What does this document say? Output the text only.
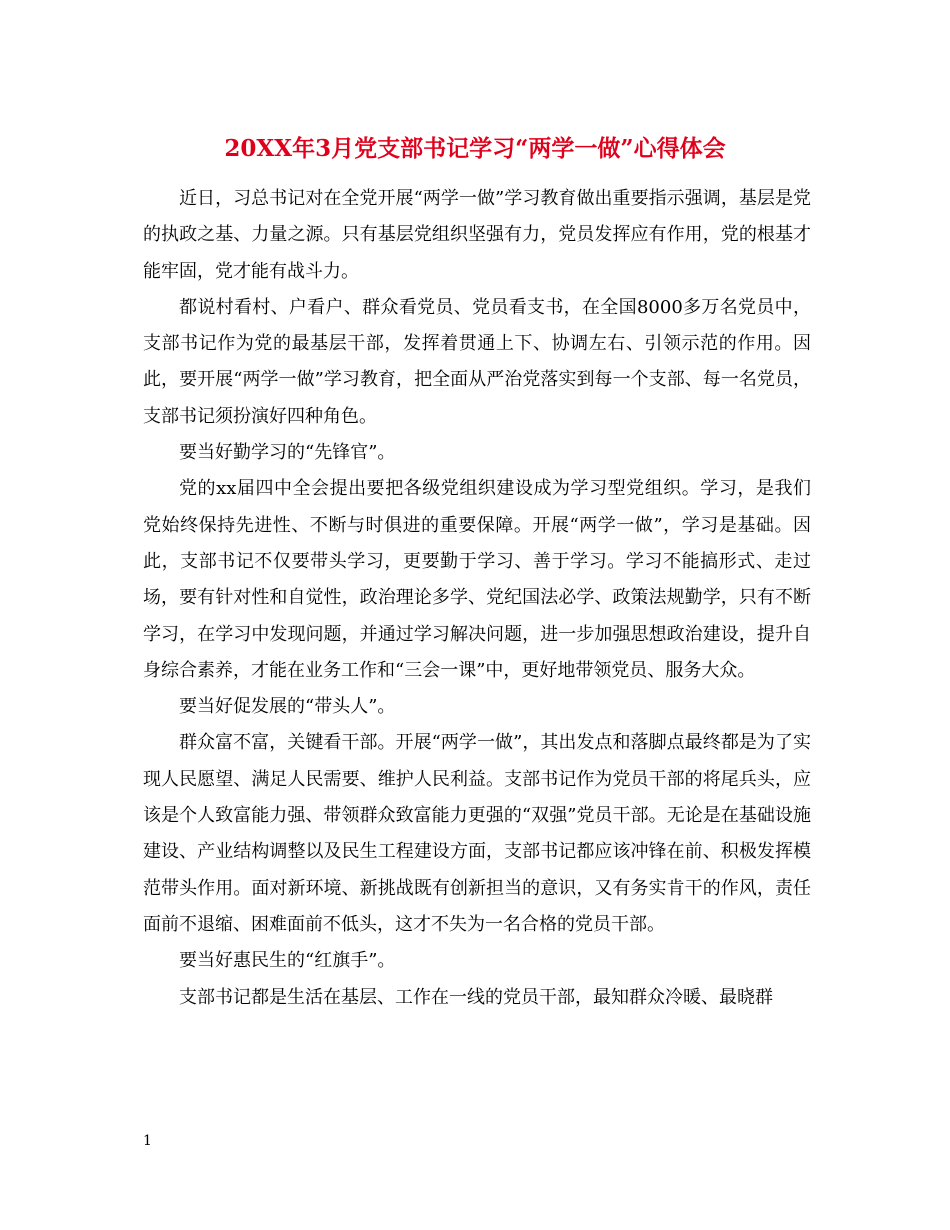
20XX年3月党支部书记学习“两学一做”心得体会

近日，习总书记对在全党开展“两学一做”学习教育做出重要指示强调，基层是党的执政之基、力量之源。只有基层党组织坚强有力，党员发挥应有作用，党的根基才能牢固，党才能有战斗力。

都说村看村、户看户、群众看党员、党员看支书，在全国8000多万名党员中，支部书记作为党的最基层干部，发挥着贯通上下、协调左右、引领示范的作用。因此，要开展“两学一做”学习教育，把全面从严治党落实到每一个支部、每一名党员，支部书记须扮演好四种角色。

要当好勤学习的“先锋官”。

党的xx届四中全会提出要把各级党组织建设成为学习型党组织。学习，是我们党始终保持先进性、不断与时俱进的重要保障。开展“两学一做”，学习是基础。因此，支部书记不仅要带头学习，更要勤于学习、善于学习。学习不能搞形式、走过场，要有针对性和自觉性，政治理论多学、党纪国法必学、政策法规勤学，只有不断学习，在学习中发现问题，并通过学习解决问题，进一步加强思想政治建设，提升自身综合素养，才能在业务工作和“三会一课”中，更好地带领党员、服务大众。

要当好促发展的“带头人”。

群众富不富，关键看干部。开展“两学一做”，其出发点和落脚点最终都是为了实现人民愿望、满足人民需要、维护人民利益。支部书记作为党员干部的将尾兵头，应该是个人致富能力强、带领群众致富能力更强的“双强”党员干部。无论是在基础设施建设、产业结构调整以及民生工程建设方面，支部书记都应该冲锋在前、积极发挥模范带头作用。面对新环境、新挑战既有创新担当的意识，又有务实肯干的作风，责任面前不退缩、困难面前不低头，这才不失为一名合格的党员干部。

要当好惠民生的“红旗手”。

支部书记都是生活在基层、工作在一线的党员干部，最知群众冷暖、最晓群

1
